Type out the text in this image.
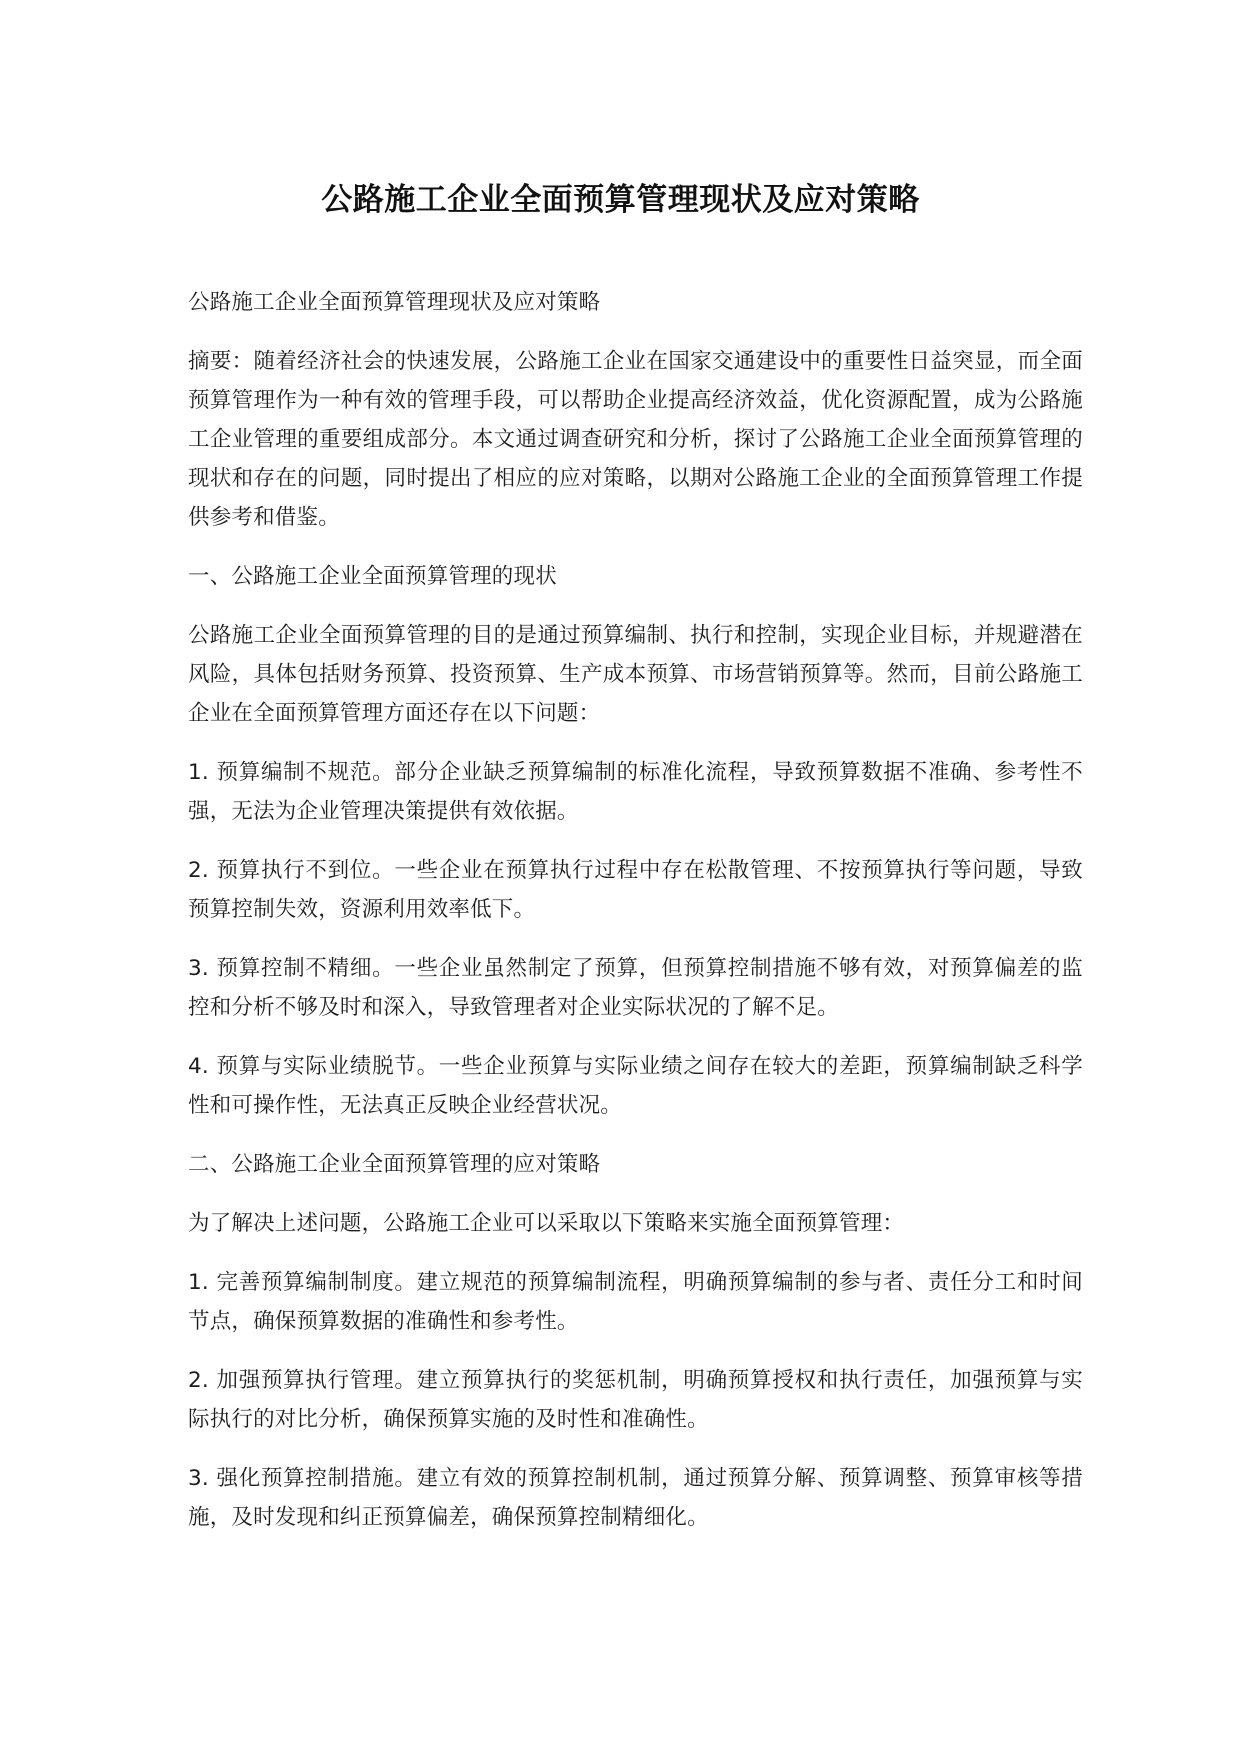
公路施工企业全面预算管理现状及应对策略

公路施工企业全面预算管理现状及应对策略

摘要：随着经济社会的快速发展，公路施工企业在国家交通建设中的重要性日益突显，而全面预算管理作为一种有效的管理手段，可以帮助企业提高经济效益，优化资源配置，成为公路施工企业管理的重要组成部分。本文通过调查研究和分析，探讨了公路施工企业全面预算管理的现状和存在的问题，同时提出了相应的应对策略，以期对公路施工企业的全面预算管理工作提供参考和借鉴。

一、公路施工企业全面预算管理的现状

公路施工企业全面预算管理的目的是通过预算编制、执行和控制，实现企业目标，并规避潜在风险，具体包括财务预算、投资预算、生产成本预算、市场营销预算等。然而，目前公路施工企业在全面预算管理方面还存在以下问题：

1. 预算编制不规范。部分企业缺乏预算编制的标准化流程，导致预算数据不准确、参考性不强，无法为企业管理决策提供有效依据。

2. 预算执行不到位。一些企业在预算执行过程中存在松散管理、不按预算执行等问题，导致预算控制失效，资源利用效率低下。

3. 预算控制不精细。一些企业虽然制定了预算，但预算控制措施不够有效，对预算偏差的监控和分析不够及时和深入，导致管理者对企业实际状况的了解不足。

4. 预算与实际业绩脱节。一些企业预算与实际业绩之间存在较大的差距，预算编制缺乏科学性和可操作性，无法真正反映企业经营状况。

二、公路施工企业全面预算管理的应对策略

为了解决上述问题，公路施工企业可以采取以下策略来实施全面预算管理：

1. 完善预算编制制度。建立规范的预算编制流程，明确预算编制的参与者、责任分工和时间节点，确保预算数据的准确性和参考性。

2. 加强预算执行管理。建立预算执行的奖惩机制，明确预算授权和执行责任，加强预算与实际执行的对比分析，确保预算实施的及时性和准确性。

3. 强化预算控制措施。建立有效的预算控制机制，通过预算分解、预算调整、预算审核等措施，及时发现和纠正预算偏差，确保预算控制精细化。
